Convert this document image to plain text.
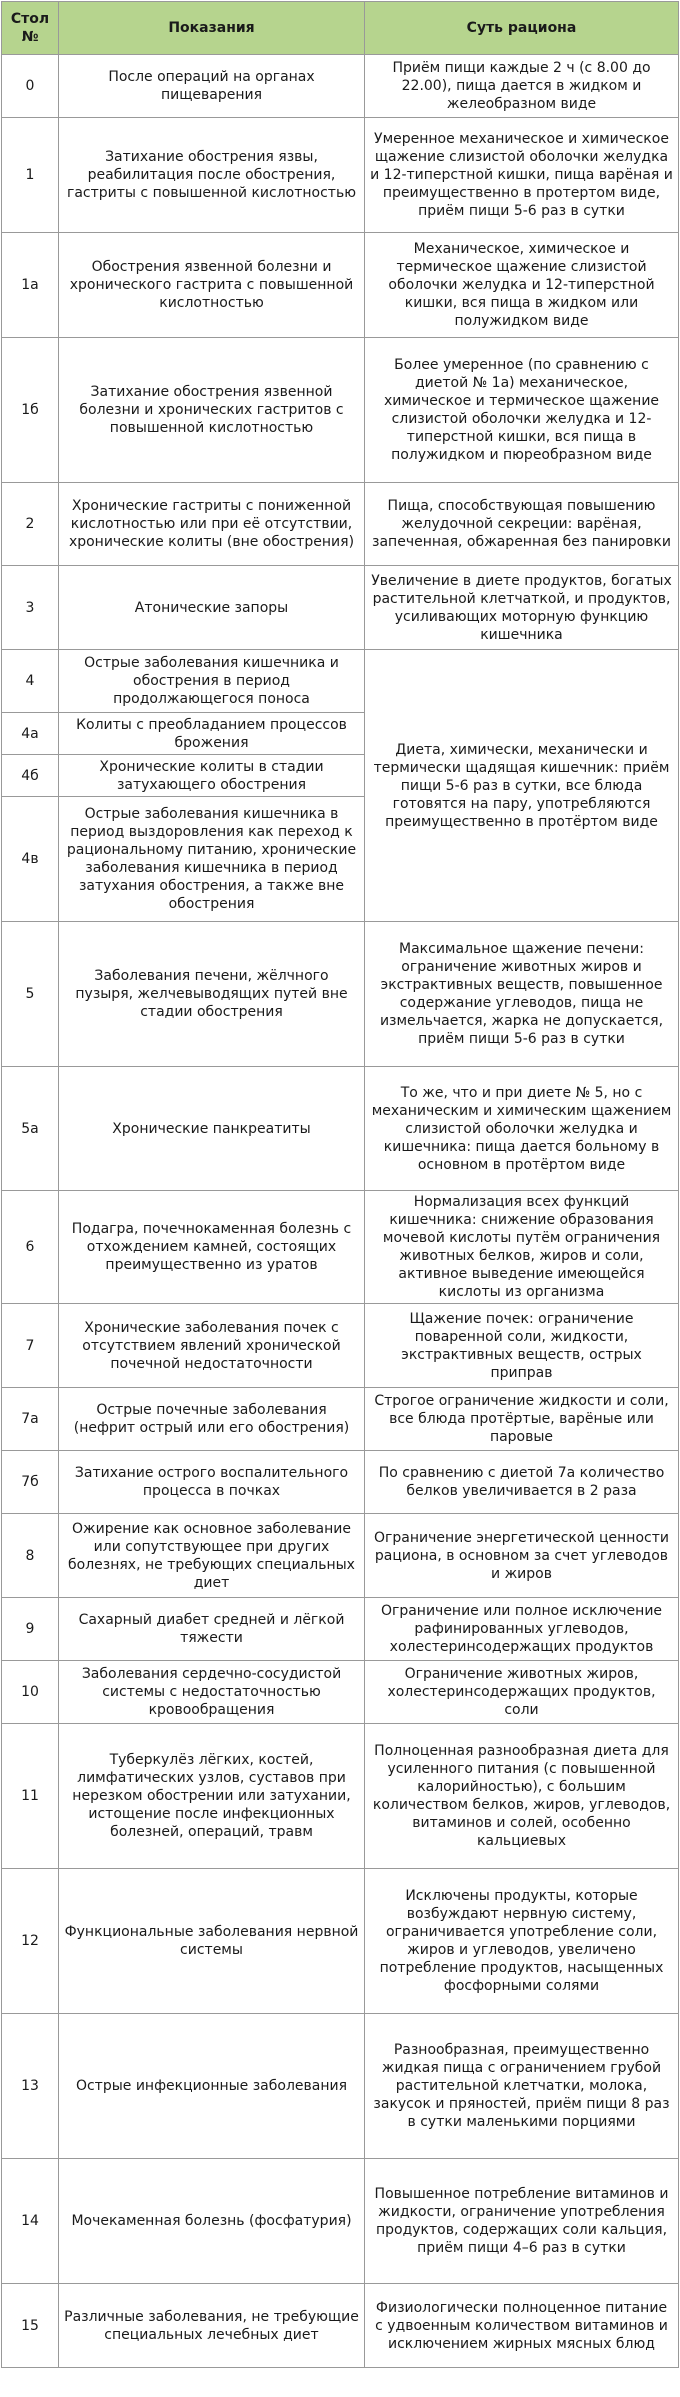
Стол №	Показания	Суть рациона
0	После операций на органах пищеварения	Приём пищи каждые 2 ч (с 8.00 до 22.00), пища дается в жидком и желеобразном виде
1	Затихание обострения язвы, реабилитация после обострения, гастриты с повышенной кислотностью	Умеренное механическое и химическое щажение слизистой оболочки желудка и 12-типерстной кишки, пища варёная и преимущественно в протертом виде, приём пищи 5-6 раз в сутки
1а	Обострения язвенной болезни и хронического гастрита с повышенной кислотностью	Механическое, химическое и термическое щажение слизистой оболочки желудка и 12-типерстной кишки, вся пища в жидком или полужидком виде
1б	Затихание обострения язвенной болезни и хронических гастритов с повышенной кислотностью	Более умеренное (по сравнению с диетой № 1а) механическое, химическое и термическое щажение слизистой оболочки желудка и 12-типерстной кишки, вся пища в полужидком и пюреобразном виде
2	Хронические гастриты с пониженной кислотностью или при её отсутствии, хронические колиты (вне обострения)	Пища, способствующая повышению желудочной секреции: варёная, запеченная, обжаренная без панировки
3	Атонические запоры	Увеличение в диете продуктов, богатых растительной клетчаткой, и продуктов, усиливающих моторную функцию кишечника
4	Острые заболевания кишечника и обострения в период продолжающегося поноса	Диета, химически, механически и термически щадящая кишечник: приём пищи 5-6 раз в сутки, все блюда готовятся на пару, употребляются преимущественно в протёртом виде
4а	Колиты с преобладанием процессов брожения	
4б	Хронические колиты в стадии затухающего обострения	
4в	Острые заболевания кишечника в период выздоровления как переход к рациональному питанию, хронические заболевания кишечника в период затухания обострения, а также вне обострения	
5	Заболевания печени, жёлчного пузыря, желчевыводящих путей вне стадии обострения	Максимальное щажение печени: ограничение животных жиров и экстрактивных веществ, повышенное содержание углеводов, пища не измельчается, жарка не допускается, приём пищи 5-6 раз в сутки
5а	Хронические панкреатиты	То же, что и при диете № 5, но с механическим и химическим щажением слизистой оболочки желудка и кишечника: пища дается больному в основном в протёртом виде
6	Подагра, почечнокаменная болезнь с отхождением камней, состоящих преимущественно из уратов	Нормализация всех функций кишечника: снижение образования мочевой кислоты путём ограничения животных белков, жиров и соли, активное выведение имеющейся кислоты из организма
7	Хронические заболевания почек с отсутствием явлений хронической почечной недостаточности	Щажение почек: ограничение поваренной соли, жидкости, экстрактивных веществ, острых приправ
7а	Острые почечные заболевания (нефрит острый или его обострения)	Строгое ограничение жидкости и соли, все блюда протёртые, варёные или паровые
7б	Затихание острого воспалительного процесса в почках	По сравнению с диетой 7а количество белков увеличивается в 2 раза
8	Ожирение как основное заболевание или сопутствующее при других болезнях, не требующих специальных диет	Ограничение энергетической ценности рациона, в основном за счет углеводов и жиров
9	Сахарный диабет средней и лёгкой тяжести	Ограничение или полное исключение рафинированных углеводов, холестеринсодержащих продуктов
10	Заболевания сердечно-сосудистой системы с недостаточностью кровообращения	Ограничение животных жиров, холестеринсодержащих продуктов, соли
11	Туберкулёз лёгких, костей, лимфатических узлов, суставов при нерезком обострении или затухании, истощение после инфекционных болезней, операций, травм	Полноценная разнообразная диета для усиленного питания (с повышенной калорийностью), с большим количеством белков, жиров, углеводов, витаминов и солей, особенно кальциевых
12	Функциональные заболевания нервной системы	Исключены продукты, которые возбуждают нервную систему, ограничивается употребление соли, жиров и углеводов, увеличено потребление продуктов, насыщенных фосфорными солями
13	Острые инфекционные заболевания	Разнообразная, преимущественно жидкая пища с ограничением грубой растительной клетчатки, молока, закусок и пряностей, приём пищи 8 раз в сутки маленькими порциями
14	Мочекаменная болезнь (фосфатурия)	Повышенное потребление витаминов и жидкости, ограничение употребления продуктов, содержащих соли кальция, приём пищи 4–6 раз в сутки
15	Различные заболевания, не требующие специальных лечебных диет	Физиологически полноценное питание с удвоенным количеством витаминов и исключением жирных мясных блюд
